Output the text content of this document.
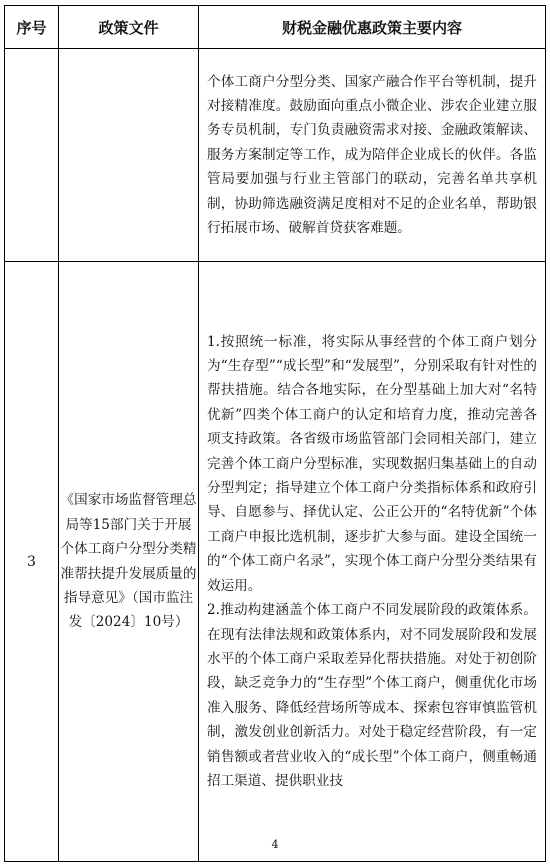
序号	政策文件	财税金融优惠政策主要内容

		个体工商户分型分类、国家产融合作平台等机制，提升对接精准度。鼓励面向重点小微企业、涉农企业建立服务专员机制，专门负责融资需求对接、金融政策解读、服务方案制定等工作，成为陪伴企业成长的伙伴。各监管局要加强与行业主管部门的联动，完善名单共享机制，协助筛选融资满足度相对不足的企业名单，帮助银行拓展市场、破解首贷获客难题。

3	《国家市场监督管理总局等15部门关于开展个体工商户分型分类精准帮扶提升发展质量的指导意见》（国市监注发〔2024〕10号）	1.按照统一标准，将实际从事经营的个体工商户划分为“生存型”“成长型”和“发展型”，分别采取有针对性的帮扶措施。结合各地实际，在分型基础上加大对“名特优新”四类个体工商户的认定和培育力度，推动完善各项支持政策。各省级市场监管部门会同相关部门，建立完善个体工商户分型标准，实现数据归集基础上的自动分型判定；指导建立个体工商户分类指标体系和政府引导、自愿参与、择优认定、公正公开的“名特优新”个体工商户申报比选机制，逐步扩大参与面。建设全国统一的“个体工商户名录”，实现个体工商户分型分类结果有效运用。

2.推动构建涵盖个体工商户不同发展阶段的政策体系。在现有法律法规和政策体系内，对不同发展阶段和发展水平的个体工商户采取差异化帮扶措施。对处于初创阶段，缺乏竞争力的“生存型”个体工商户，侧重优化市场准入服务、降低经营场所等成本、探索包容审慎监管机制，激发创业创新活力。对处于稳定经营阶段，有一定销售额或者营业收入的“成长型”个体工商户，侧重畅通招工渠道、提供职业技

4
